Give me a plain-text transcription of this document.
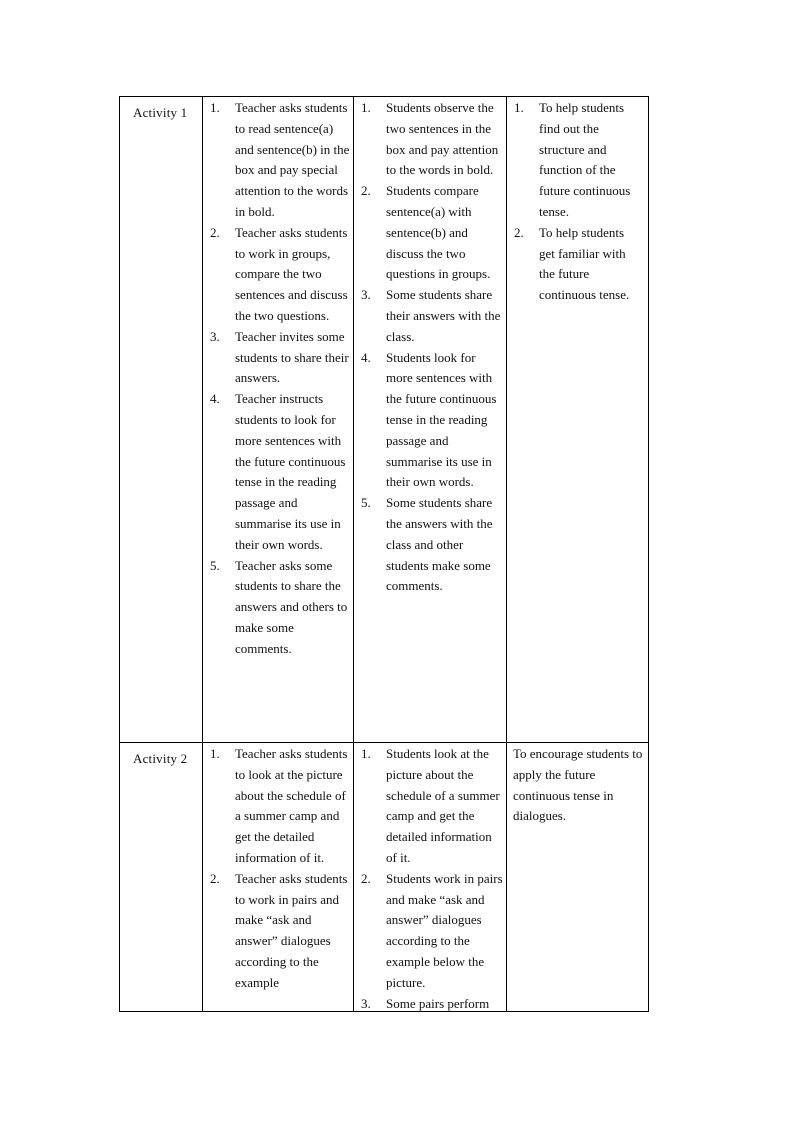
Activity 1 1. Teacher asks students to read sentence(a) and sentence(b) in the box and pay special attention to the words in bold.
2. Teacher asks students to work in groups, compare the two sentences and discuss the two questions.
3. Teacher invites some students to share their answers.
4. Teacher instructs students to look for more sentences with the future continuous tense in the reading passage and summarise its use in their own words.
5. Teacher asks some students to share the answers and others to make some comments.
1. Students observe the two sentences in the box and pay attention to the words in bold.
2. Students compare sentence(a) with sentence(b) and discuss the two questions in groups.
3. Some students share their answers with the class.
4. Students look for more sentences with the future continuous tense in the reading passage and summarise its use in their own words.
5. Some students share the answers with the class and other students make some comments.
1. To help students find out the structure and function of the future continuous tense.
2. To help students get familiar with the future continuous tense.
Activity 2 1. Teacher asks students to look at the picture about the schedule of a summer camp and get the detailed information of it.
2. Teacher asks students to work in pairs and make “ask and answer” dialogues according to the example
1. Students look at the picture about the schedule of a summer camp and get the detailed information of it.
2. Students work in pairs and make “ask and answer” dialogues according to the example below the picture.
3. Some pairs perform

To encourage students to apply the future continuous tense in dialogues.
